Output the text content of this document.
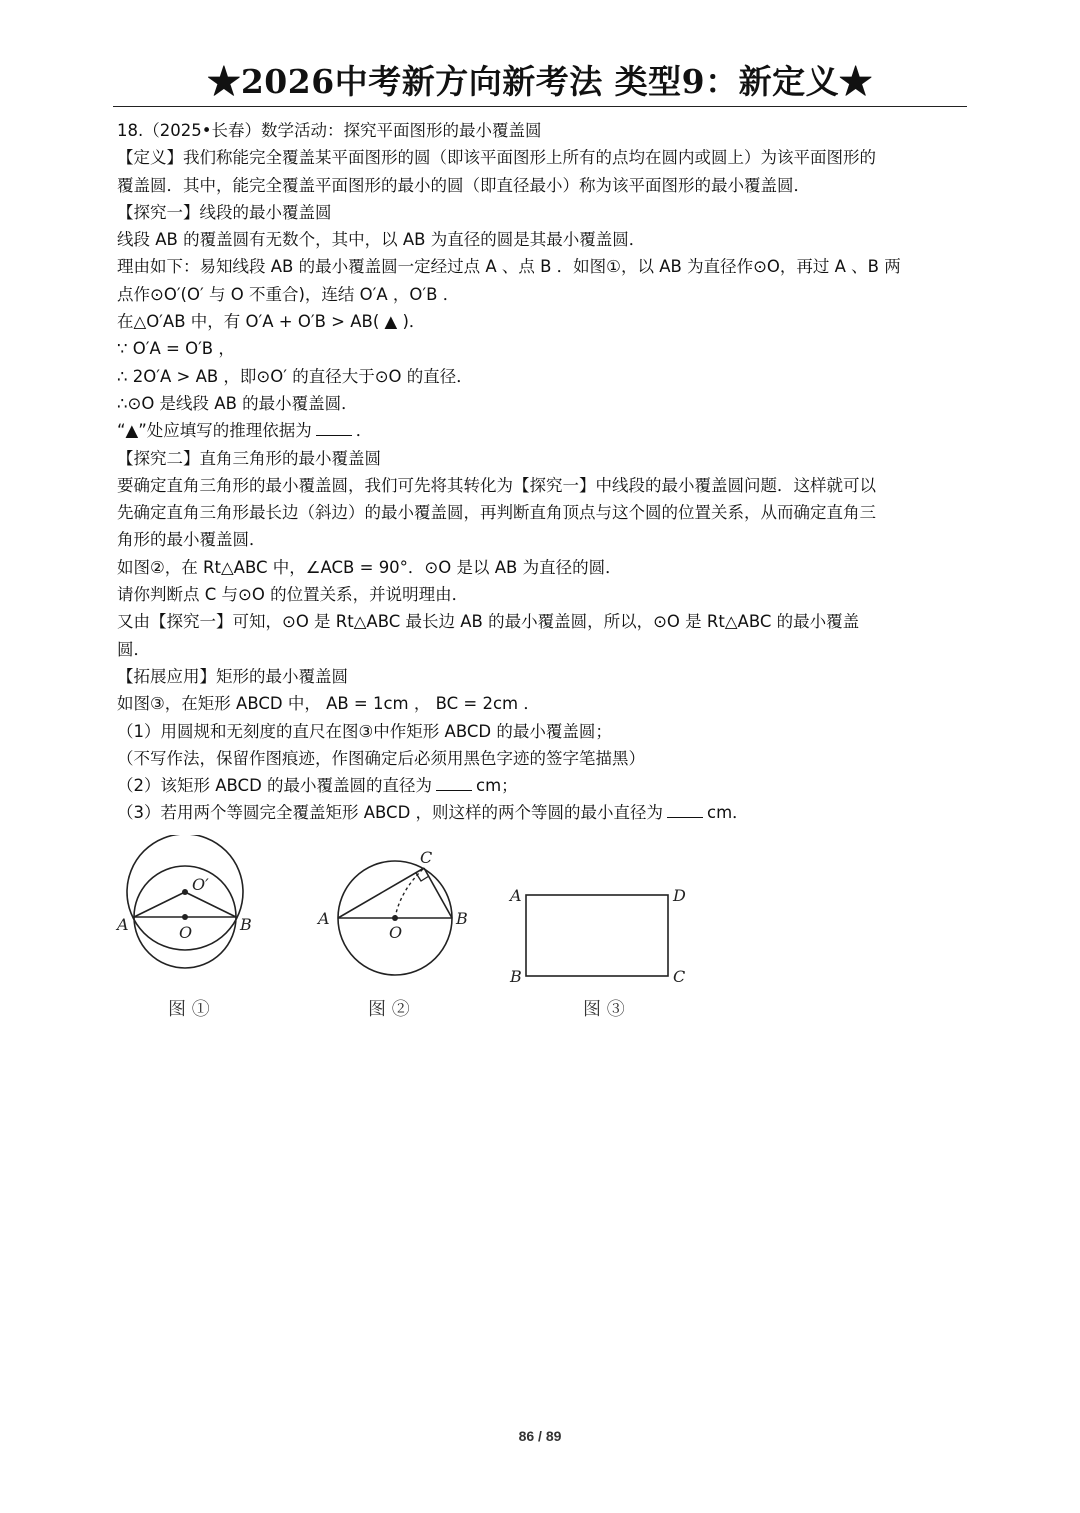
★2026中考新方向新考法 类型9：新定义★
18.（2025•长春）数学活动：探究平面图形的最小覆盖圆
【定义】我们称能完全覆盖某平面图形的圆（即该平面图形上所有的点均在圆内或圆上）为该平面图形的
覆盖圆．其中，能完全覆盖平面图形的最小的圆（即直径最小）称为该平面图形的最小覆盖圆．
【探究一】线段的最小覆盖圆
线段 AB 的覆盖圆有无数个，其中，以 AB 为直径的圆是其最小覆盖圆．
理由如下：易知线段 AB 的最小覆盖圆一定经过点 A 、点 B ．如图①，以 AB 为直径作⊙O，再过 A 、B 两
点作⊙O′(O′ 与 O 不重合)，连结 O′A ，O′B ．
在△O′AB 中，有 O′A + O′B > AB( ▲ )．
∵ O′A = O′B ，
∴ 2O′A > AB ，即⊙O′ 的直径大于⊙O 的直径．
∴⊙O 是线段 AB 的最小覆盖圆．
“▲”处应填写的推理依据为	．
【探究二】直角三角形的最小覆盖圆
要确定直角三角形的最小覆盖圆，我们可先将其转化为【探究一】中线段的最小覆盖圆问题．这样就可以
先确定直角三角形最长边（斜边）的最小覆盖圆，再判断直角顶点与这个圆的位置关系，从而确定直角三
角形的最小覆盖圆．
如图②，在 Rt△ABC 中，∠ACB = 90°．⊙O 是以 AB 为直径的圆．
请你判断点 C 与⊙O 的位置关系，并说明理由．
又由【探究一】可知，⊙O 是 Rt△ABC 最长边 AB 的最小覆盖圆，所以，⊙O 是 Rt△ABC 的最小覆盖
圆．
【拓展应用】矩形的最小覆盖圆
如图③，在矩形 ABCD 中， AB = 1cm ， BC = 2cm ．
（1）用圆规和无刻度的直尺在图③中作矩形 ABCD 的最小覆盖圆；
（不写作法，保留作图痕迹，作图确定后必须用黑色字迹的签字笔描黑）
（2）该矩形 ABCD 的最小覆盖圆的直径为	cm；
（3）若用两个等圆完全覆盖矩形 ABCD ，则这样的两个等圆的最小直径为	cm．
A	B
O
O′
图 ①
A	B
C
O
图 ②
A	D
B	C
图 ③
86 / 89
